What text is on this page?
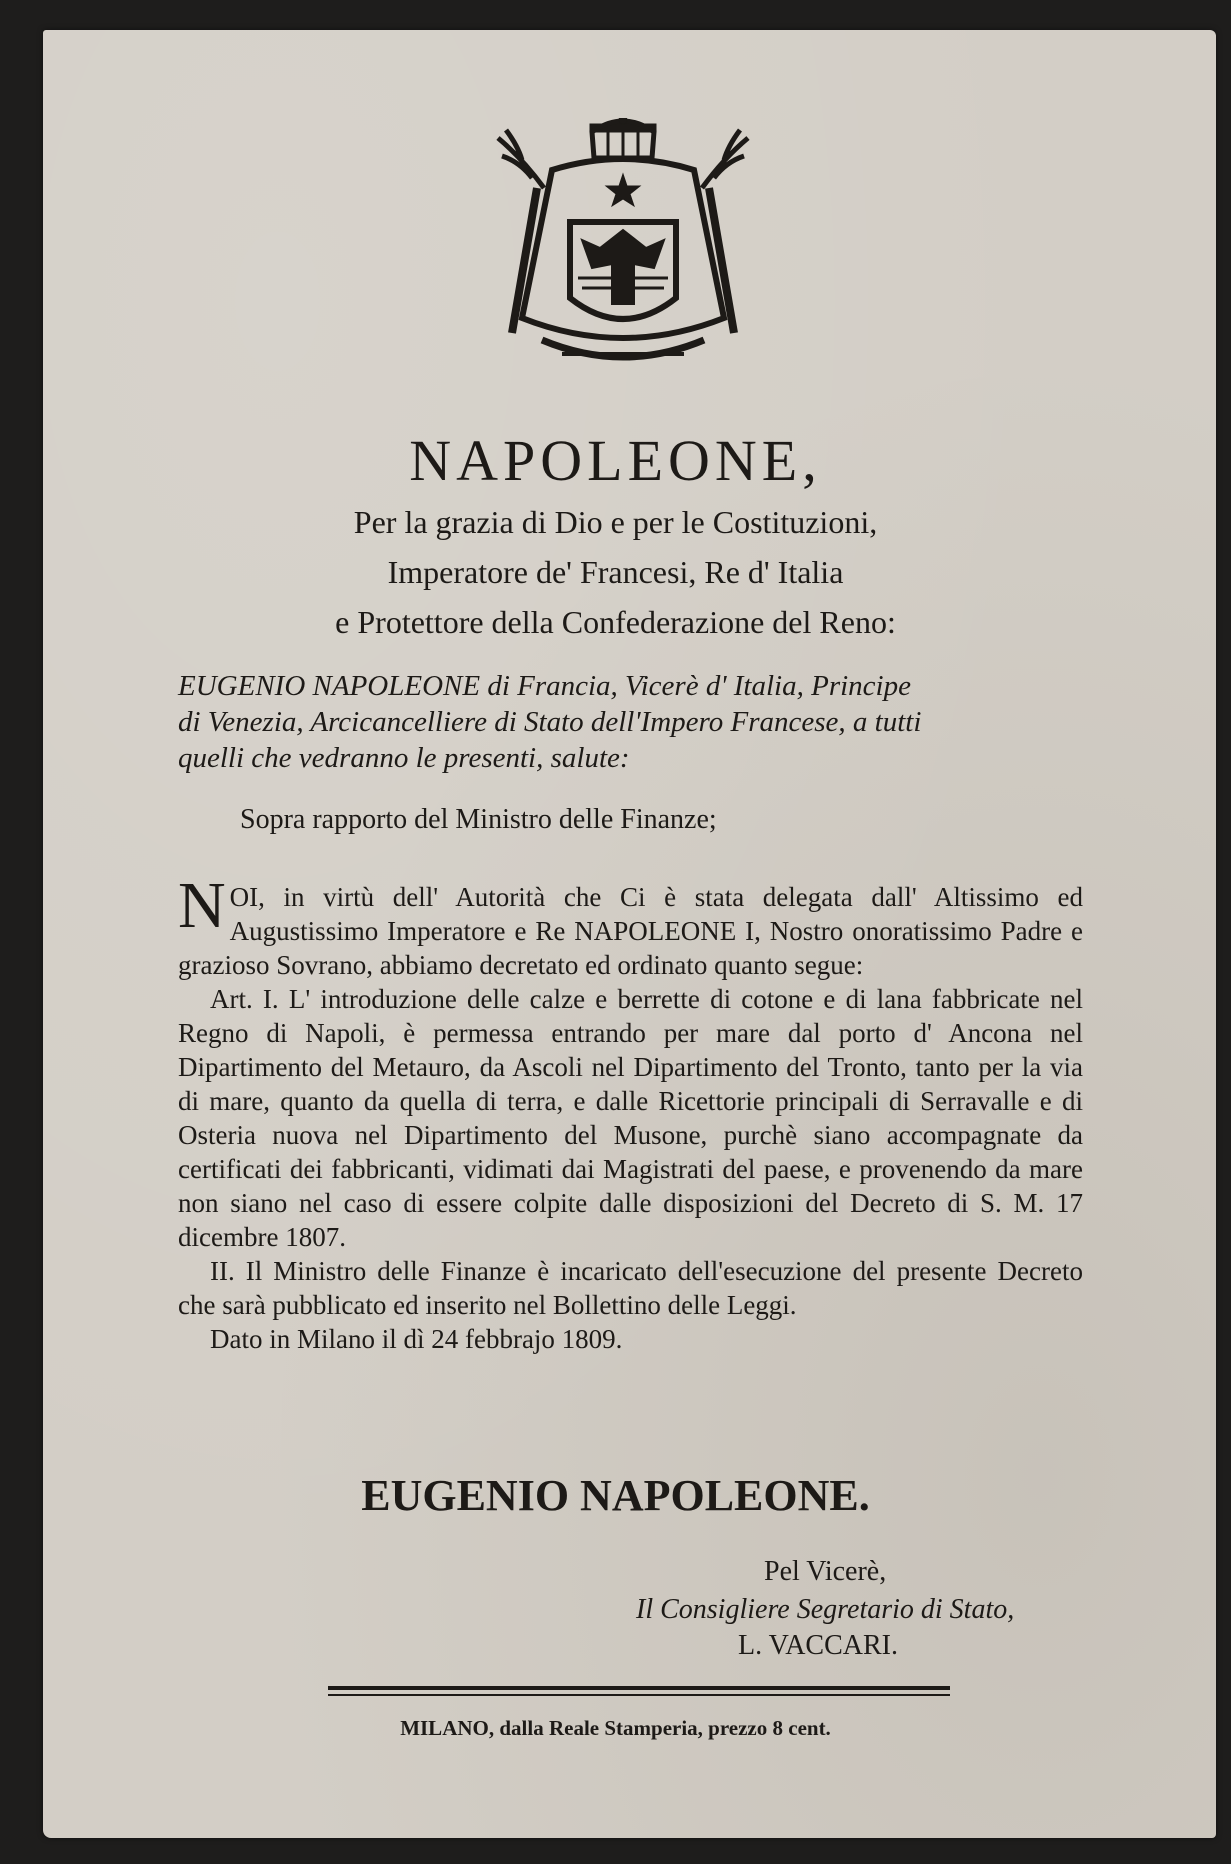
NAPOLEONE,
Per la grazia di Dio e per le Costituzioni,
Imperatore de' Francesi, Re d' Italia
e Protettore della Confederazione del Reno:
EUGENIO NAPOLEONE di Francia, Vicerè d' Italia, Principe
di Venezia, Arcicancelliere di Stato dell'Impero Francese, a tutti
quelli che vedranno le presenti, salute:
Sopra rapporto del Ministro delle Finanze;
N OI, in virtù dell' Autorità che Ci è stata delegata dall' Altissimo ed Augustissimo Imperatore e Re NAPOLEONE I, Nostro onoratissimo Padre e grazioso Sovrano, abbiamo decretato ed ordinato quanto segue:
Art. I. L' introduzione delle calze e berrette di cotone e di lana fabbricate nel Regno di Napoli, è permessa entrando per mare dal porto d' Ancona nel Dipartimento del Metauro, da Ascoli nel Dipartimento del Tronto, tanto per la via di mare, quanto da quella di terra, e dalle Ricettorie principali di Serravalle e di Osteria nuova nel Dipartimento del Musone, purchè siano accompagnate da certificati dei fabbricanti, vidimati dai Magistrati del paese, e provenendo da mare non siano nel caso di essere colpite dalle disposizioni del Decreto di S. M. 17 dicembre 1807.
II. Il Ministro delle Finanze è incaricato dell'esecuzione del presente Decreto che sarà pubblicato ed inserito nel Bollettino delle Leggi.
Dato in Milano il dì 24 febbrajo 1809.
EUGENIO NAPOLEONE.
Pel Vicerè,
Il Consigliere Segretario di Stato,
L. VACCARI.
MILANO, dalla Reale Stamperia, prezzo 8 cent.
